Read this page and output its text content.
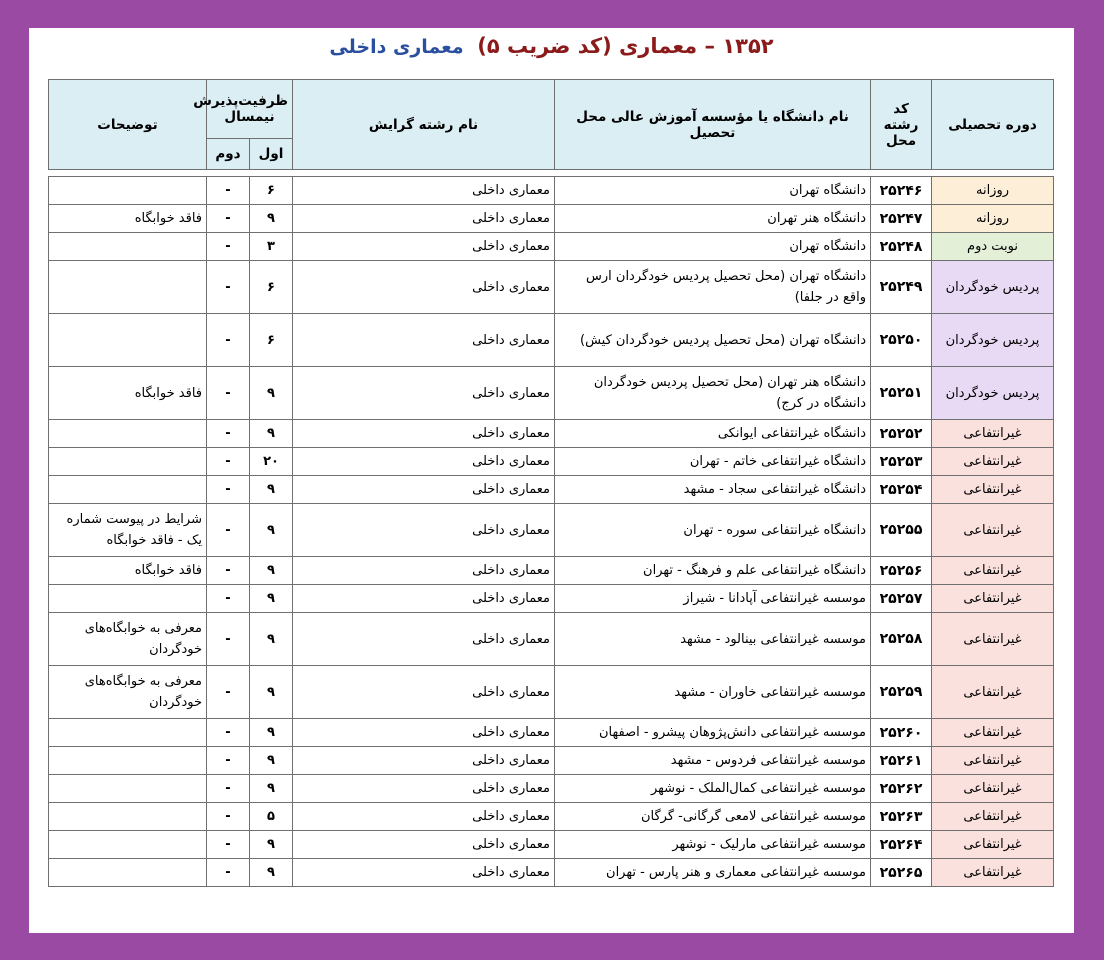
۱۳۵۲ – معماری (کد ضریب ۵) معماری داخلی
دوره تحصیلی	کد رشته محل	نام دانشگاه یا مؤسسه آموزش عالی محل تحصیل	نام رشته گرایش	ظرفیت‌پذیرش نیمسال		توضیحات
				اول	دوم	

روزانه	۲۵۲۴۶	دانشگاه تهران	معماری داخلی	۶	-	
روزانه	۲۵۲۴۷	دانشگاه هنر تهران	معماری داخلی	۹	-	فاقد خوابگاه
نوبت دوم	۲۵۲۴۸	دانشگاه تهران	معماری داخلی	۳	-	
پردیس خودگردان	۲۵۲۴۹	دانشگاه تهران (محل تحصیل پردیس خودگردان ارس واقع در جلفا)	معماری داخلی	۶	-	
پردیس خودگردان	۲۵۲۵۰	دانشگاه تهران (محل تحصیل پردیس خودگردان کیش)	معماری داخلی	۶	-	
پردیس خودگردان	۲۵۲۵۱	دانشگاه هنر تهران (محل تحصیل پردیس خودگردان دانشگاه در کرج)	معماری داخلی	۹	-	فاقد خوابگاه
غیرانتفاعی	۲۵۲۵۲	دانشگاه غیرانتفاعی ایوانکی	معماری داخلی	۹	-	
غیرانتفاعی	۲۵۲۵۳	دانشگاه غیرانتفاعی خاتم - تهران	معماری داخلی	۲۰	-	
غیرانتفاعی	۲۵۲۵۴	دانشگاه غیرانتفاعی سجاد - مشهد	معماری داخلی	۹	-	
غیرانتفاعی	۲۵۲۵۵	دانشگاه غیرانتفاعی سوره - تهران	معماری داخلی	۹	-	شرایط در پیوست شماره یک - فاقد خوابگاه
غیرانتفاعی	۲۵۲۵۶	دانشگاه غیرانتفاعی علم و فرهنگ - تهران	معماری داخلی	۹	-	فاقد خوابگاه
غیرانتفاعی	۲۵۲۵۷	موسسه غیرانتفاعی آپادانا - شیراز	معماری داخلی	۹	-	
غیرانتفاعی	۲۵۲۵۸	موسسه غیرانتفاعی بینالود - مشهد	معماری داخلی	۹	-	معرفی به خوابگاه‌های خودگردان
غیرانتفاعی	۲۵۲۵۹	موسسه غیرانتفاعی خاوران - مشهد	معماری داخلی	۹	-	معرفی به خوابگاه‌های خودگردان
غیرانتفاعی	۲۵۲۶۰	موسسه غیرانتفاعی دانش‌پژوهان پیشرو - اصفهان	معماری داخلی	۹	-	
غیرانتفاعی	۲۵۲۶۱	موسسه غیرانتفاعی فردوس - مشهد	معماری داخلی	۹	-	
غیرانتفاعی	۲۵۲۶۲	موسسه غیرانتفاعی کمال‌الملک - نوشهر	معماری داخلی	۹	-	
غیرانتفاعی	۲۵۲۶۳	موسسه غیرانتفاعی لامعی گرگانی- گرگان	معماری داخلی	۵	-	
غیرانتفاعی	۲۵۲۶۴	موسسه غیرانتفاعی مارلیک - نوشهر	معماری داخلی	۹	-	
غیرانتفاعی	۲۵۲۶۵	موسسه غیرانتفاعی معماری و هنر پارس - تهران	معماری داخلی	۹	-	
